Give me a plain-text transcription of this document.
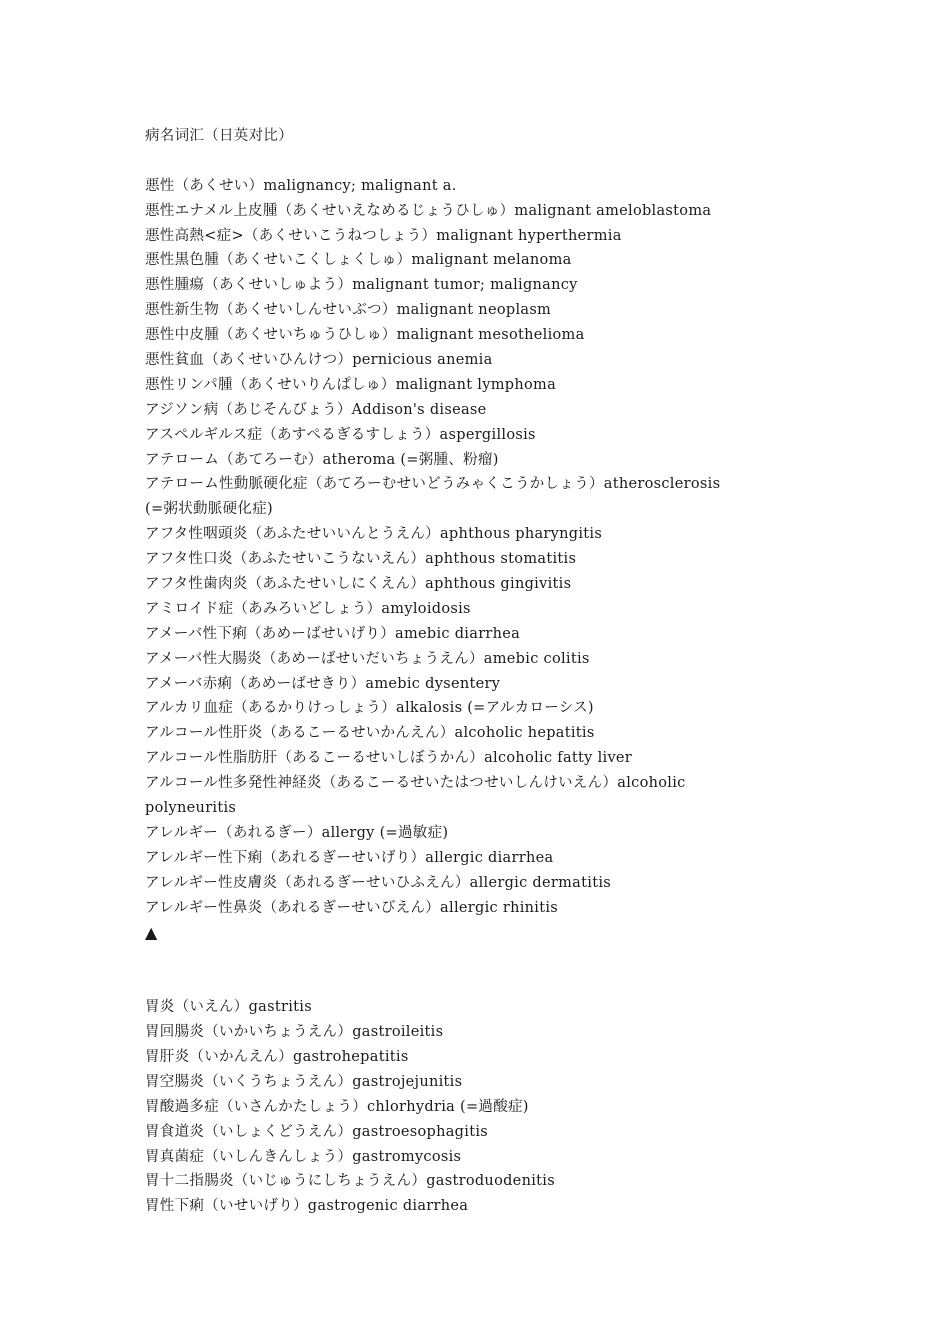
病名词汇（日英对比）
悪性（あくせい）malignancy; malignant a.
悪性エナメル上皮腫（あくせいえなめるじょうひしゅ）malignant ameloblastoma
悪性高熱<症>（あくせいこうねつしょう）malignant hyperthermia
悪性黒色腫（あくせいこくしょくしゅ）malignant melanoma
悪性腫瘍（あくせいしゅよう）malignant tumor; malignancy
悪性新生物（あくせいしんせいぶつ）malignant neoplasm
悪性中皮腫（あくせいちゅうひしゅ）malignant mesothelioma
悪性貧血（あくせいひんけつ）pernicious anemia
悪性リンパ腫（あくせいりんぱしゅ）malignant lymphoma
アジソン病（あじそんびょう）Addison's disease
アスペルギルス症（あすぺるぎるすしょう）aspergillosis
アテローム（あてろーむ）atheroma (=粥腫、粉瘤)
アテローム性動脈硬化症（あてろーむせいどうみゃくこうかしょう）atherosclerosis
(=粥状動脈硬化症)
アフタ性咽頭炎（あふたせいいんとうえん）aphthous pharyngitis
アフタ性口炎（あふたせいこうないえん）aphthous stomatitis
アフタ性歯肉炎（あふたせいしにくえん）aphthous gingivitis
アミロイド症（あみろいどしょう）amyloidosis
アメーバ性下痢（あめーばせいげり）amebic diarrhea
アメーバ性大腸炎（あめーばせいだいちょうえん）amebic colitis
アメーバ赤痢（あめーばせきり）amebic dysentery
アルカリ血症（あるかりけっしょう）alkalosis (=アルカローシス)
アルコール性肝炎（あるこーるせいかんえん）alcoholic hepatitis
アルコール性脂肪肝（あるこーるせいしぼうかん）alcoholic fatty liver
アルコール性多発性神経炎（あるこーるせいたはつせいしんけいえん）alcoholic
polyneuritis
アレルギー（あれるぎー）allergy (=過敏症)
アレルギー性下痢（あれるぎーせいげり）allergic diarrhea
アレルギー性皮膚炎（あれるぎーせいひふえん）allergic dermatitis
アレルギー性鼻炎（あれるぎーせいびえん）allergic rhinitis
▲
胃炎（いえん）gastritis
胃回腸炎（いかいちょうえん）gastroileitis
胃肝炎（いかんえん）gastrohepatitis
胃空腸炎（いくうちょうえん）gastrojejunitis
胃酸過多症（いさんかたしょう）chlorhydria (=過酸症)
胃食道炎（いしょくどうえん）gastroesophagitis
胃真菌症（いしんきんしょう）gastromycosis
胃十二指腸炎（いじゅうにしちょうえん）gastroduodenitis
胃性下痢（いせいげり）gastrogenic diarrhea
